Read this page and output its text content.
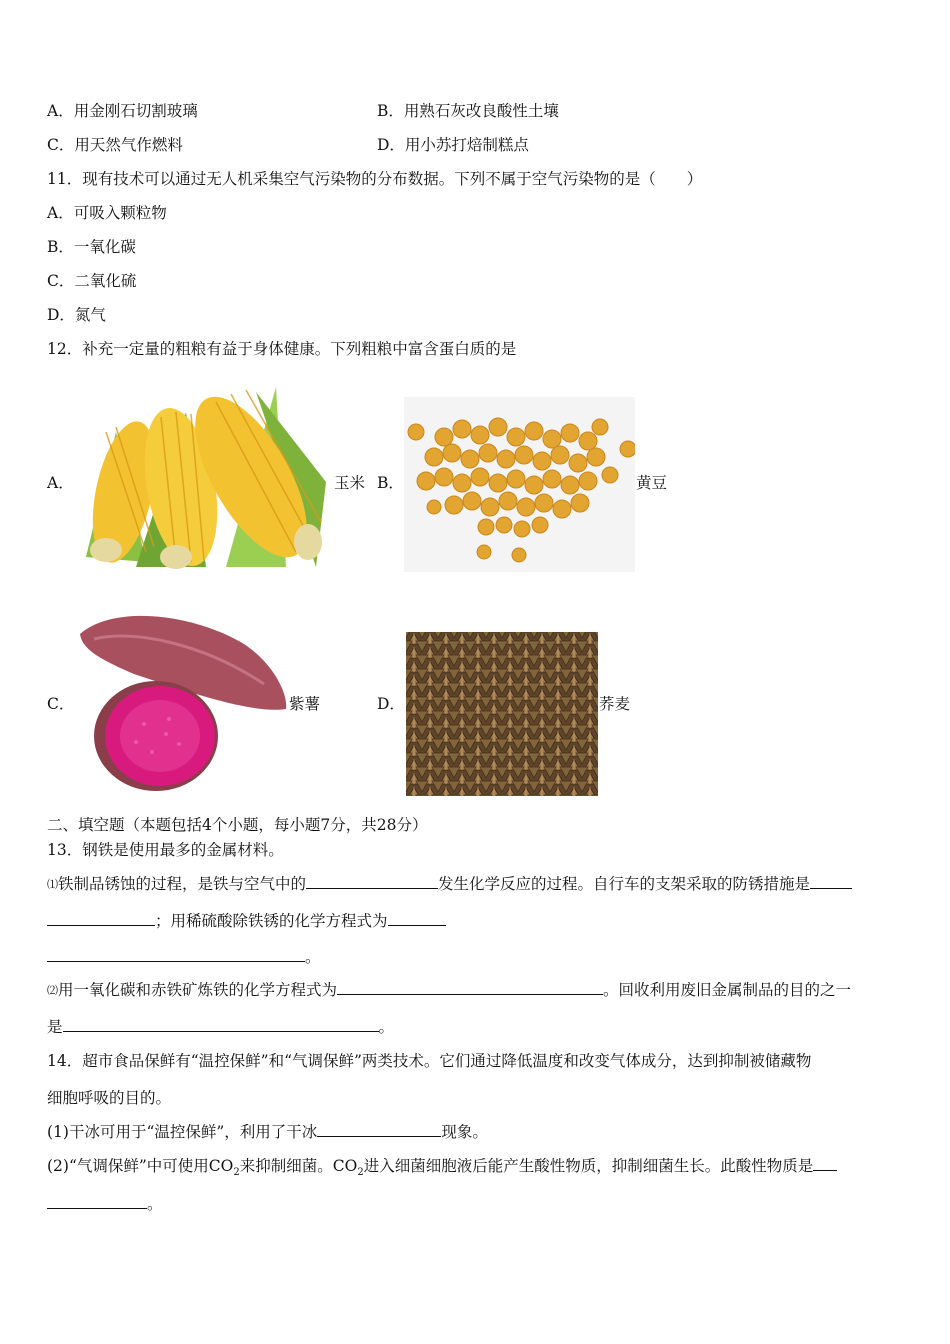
A．用金刚石切割玻璃	B．用熟石灰改良酸性土壤
C．用天然气作燃料	D．用小苏打焙制糕点
11．现有技术可以通过无人机采集空气污染物的分布数据。下列不属于空气污染物的是（　　）
A．可吸入颗粒物
B．一氧化碳
C．二氧化硫
D．氮气
12．补充一定量的粗粮有益于身体健康。下列粗粮中富含蛋白质的是
A．	玉米 B．	黄豆
C．	紫薯	D．	荞麦
二、填空题（本题包括4个小题，每小题7分，共28分）
13．钢铁是使用最多的金属材料。
⑴铁制品锈蚀的过程，是铁与空气中的	发生化学反应的过程。自行车的支架采取的防锈措施是
；用稀硫酸除铁锈的化学方程式为
。
⑵用一氧化碳和赤铁矿炼铁的化学方程式为	。回收利用废旧金属制品的目的之一
是	。
14．超市食品保鲜有“温控保鲜”和“气调保鲜”两类技术。它们通过降低温度和改变气体成分，达到抑制被储藏物
细胞呼吸的目的。
(1)干冰可用于“温控保鲜”，利用了干冰	现象。
(2)“气调保鲜”中可使用$CO_2$来抑制细菌。$CO_2$进入细菌细胞液后能产生酸性物质，抑制细菌生长。此酸性物质是
。
